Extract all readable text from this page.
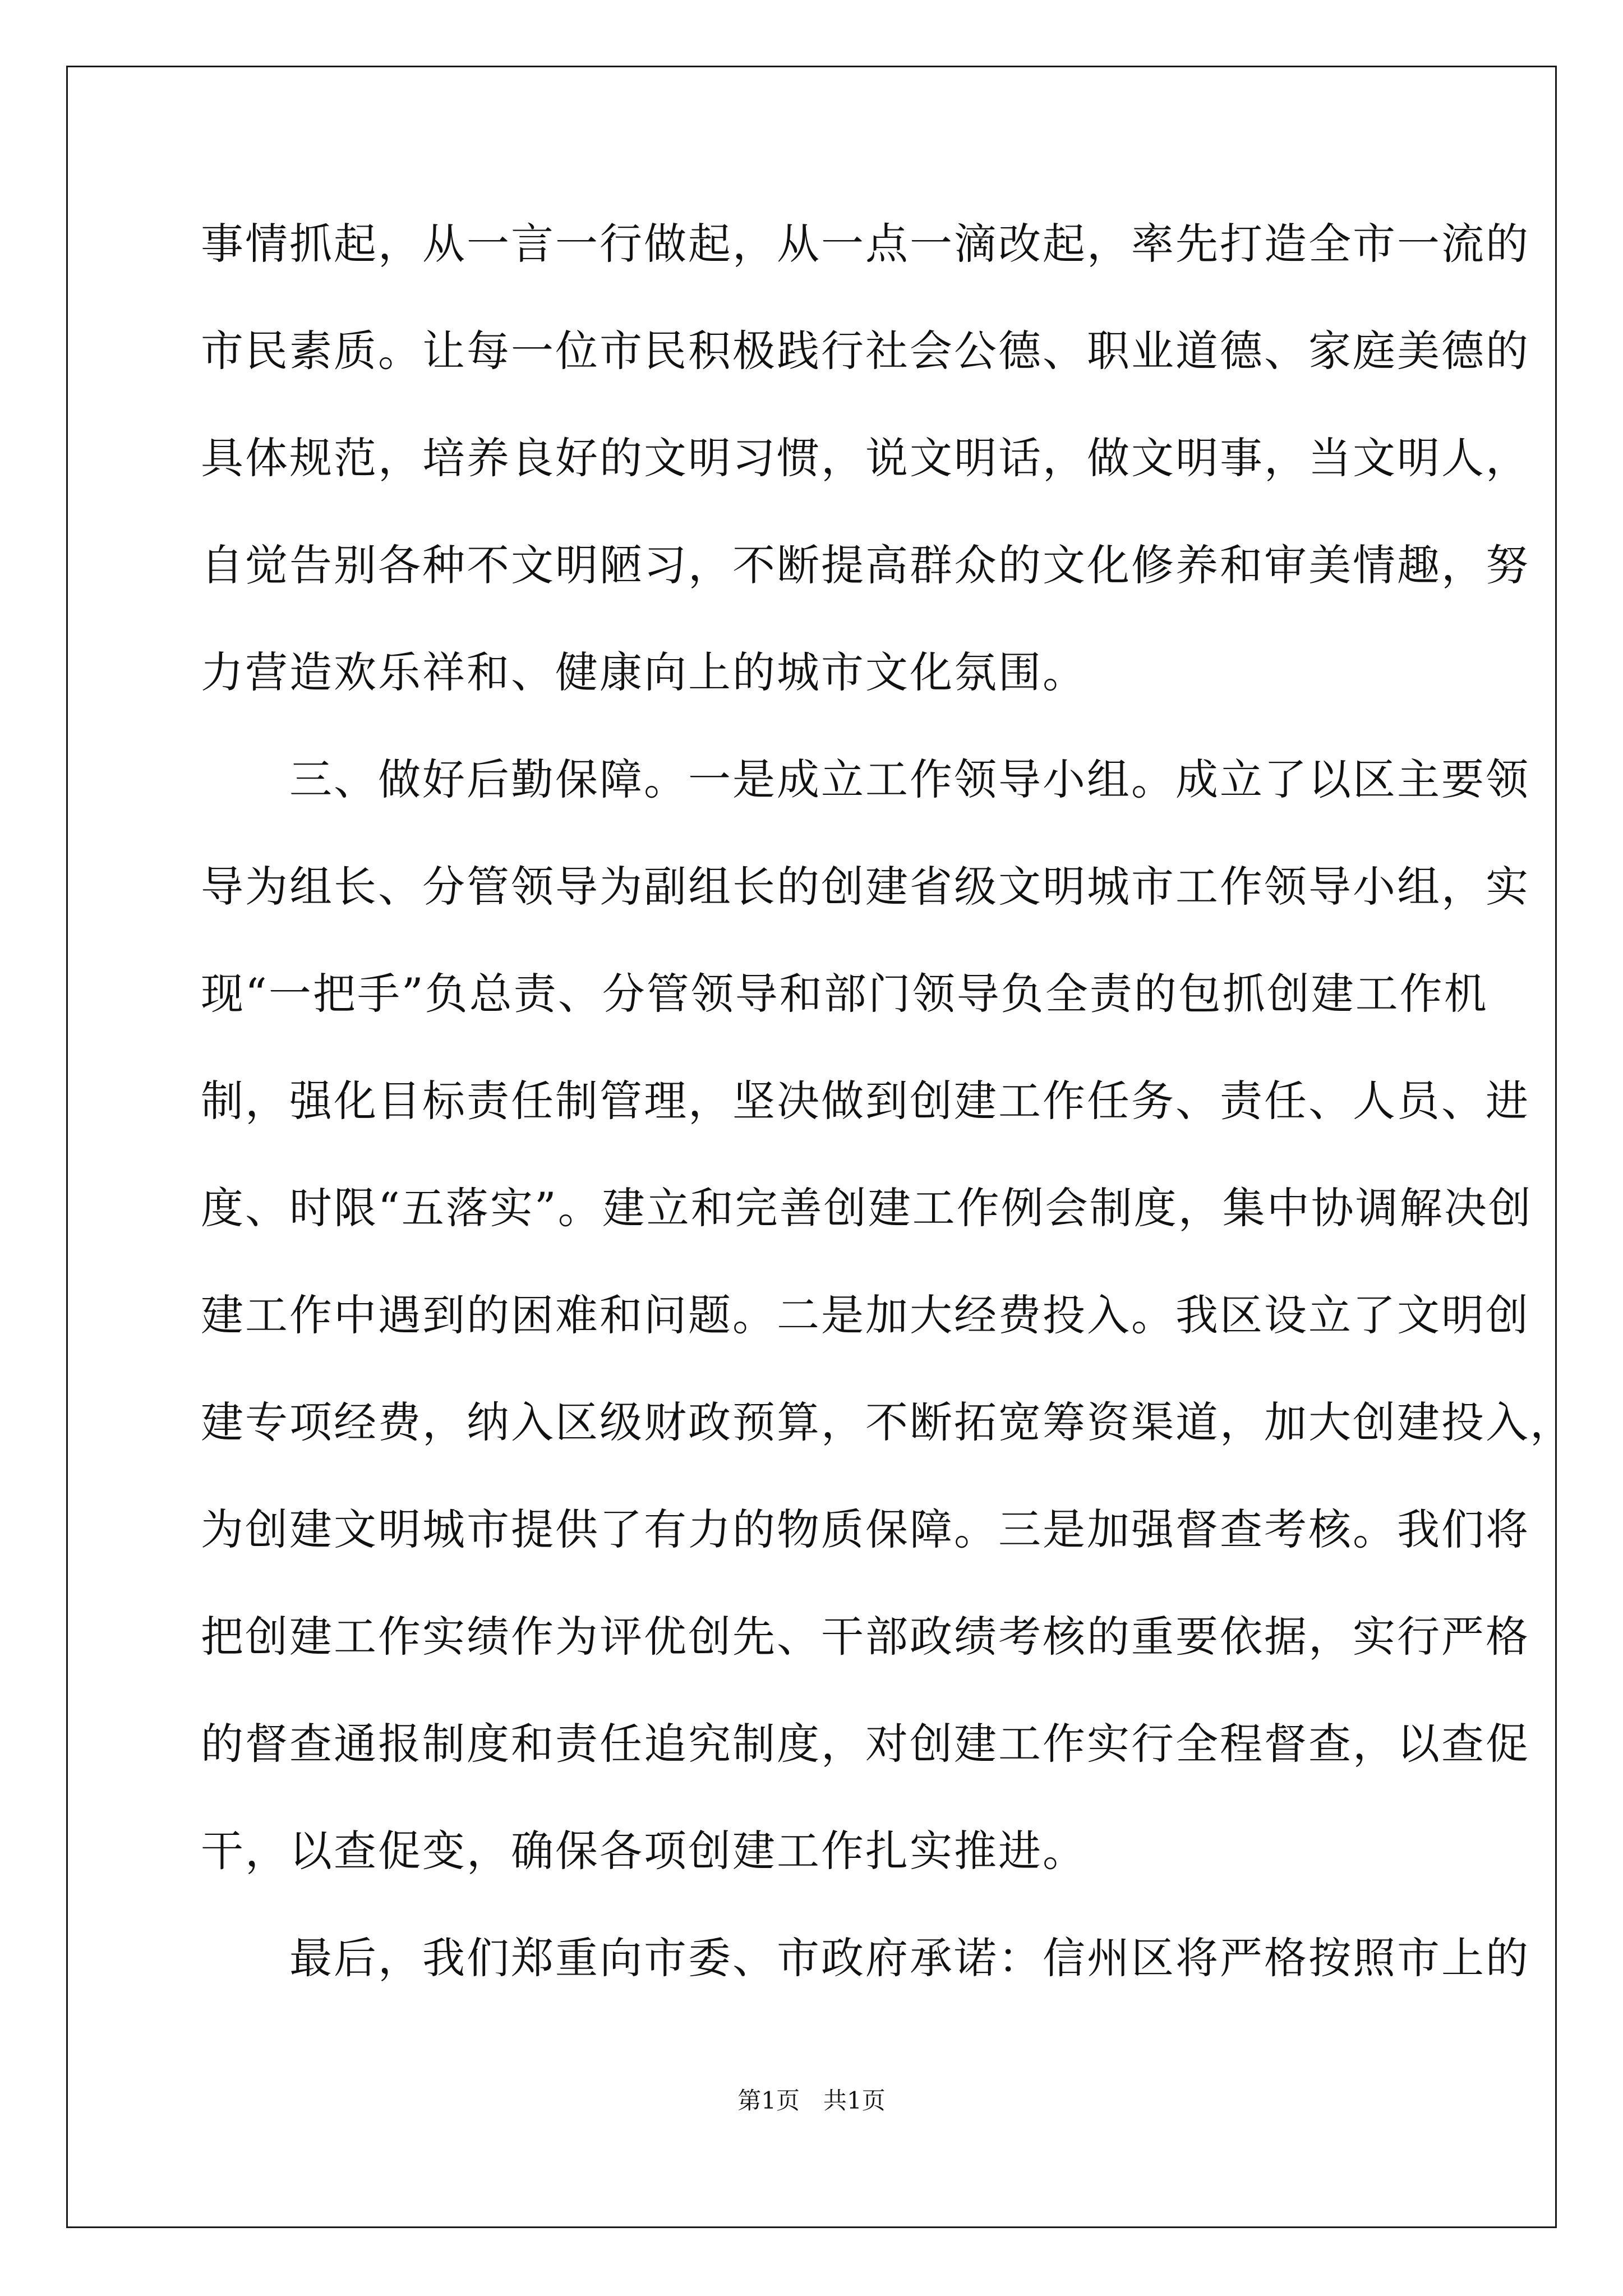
事情抓起，从一言一行做起，从一点一滴改起，率先打造全市一流的
市民素质。让每一位市民积极践行社会公德、职业道德、家庭美德的
具体规范，培养良好的文明习惯，说文明话，做文明事，当文明人，
自觉告别各种不文明陋习，不断提高群众的文化修养和审美情趣，努
力营造欢乐祥和、健康向上的城市文化氛围。
　　三、做好后勤保障。一是成立工作领导小组。成立了以区主要领
导为组长、分管领导为副组长的创建省级文明城市工作领导小组，实
现“一把手”负总责、分管领导和部门领导负全责的包抓创建工作机
制，强化目标责任制管理，坚决做到创建工作任务、责任、人员、进
度、时限“五落实”。建立和完善创建工作例会制度，集中协调解决创
建工作中遇到的困难和问题。二是加大经费投入。我区设立了文明创
建专项经费，纳入区级财政预算，不断拓宽筹资渠道，加大创建投入，
为创建文明城市提供了有力的物质保障。三是加强督查考核。我们将
把创建工作实绩作为评优创先、干部政绩考核的重要依据，实行严格
的督查通报制度和责任追究制度，对创建工作实行全程督查，以查促
干，以查促变，确保各项创建工作扎实推进。
　　最后，我们郑重向市委、市政府承诺：信州区将严格按照市上的
第1页　共1页
